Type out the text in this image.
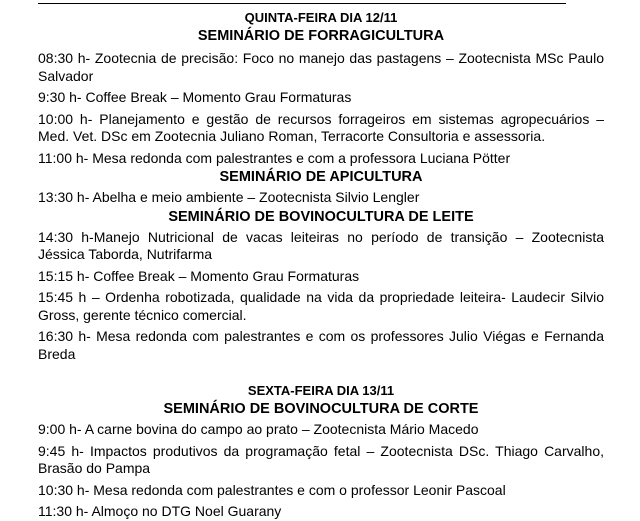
QUINTA-FEIRA DIA 12/11

SEMINÁRIO DE FORRAGICULTURA

08:30 h- Zootecnia de precisão: Foco no manejo das pastagens – Zootecnista MSc Paulo Salvador

9:30 h- Coffee Break – Momento Grau Formaturas

10:00 h- Planejamento e gestão de recursos forrageiros em sistemas agropecuários – Med. Vet. DSc em Zootecnia Juliano Roman, Terracorte Consultoria e assessoria.

11:00 h- Mesa redonda com palestrantes e com a professora Luciana Pötter

SEMINÁRIO DE APICULTURA

13:30 h- Abelha e meio ambiente – Zootecnista Silvio Lengler

SEMINÁRIO DE BOVINOCULTURA DE LEITE

14:30 h-Manejo Nutricional de vacas leiteiras no período de transição – Zootecnista Jéssica Taborda, Nutrifarma

15:15 h- Coffee Break – Momento Grau Formaturas

15:45 h – Ordenha robotizada, qualidade na vida da propriedade leiteira- Laudecir Silvio Gross, gerente técnico comercial.

16:30 h- Mesa redonda com palestrantes e com os professores Julio Viégas e Fernanda Breda

SEXTA-FEIRA DIA 13/11

SEMINÁRIO DE BOVINOCULTURA DE CORTE

9:00 h- A carne bovina do campo ao prato – Zootecnista Mário Macedo

9:45 h- Impactos produtivos da programação fetal – Zootecnista DSc. Thiago Carvalho, Brasão do Pampa

10:30 h- Mesa redonda com palestrantes e com o professor Leonir Pascoal

11:30 h- Almoço no DTG Noel Guarany
